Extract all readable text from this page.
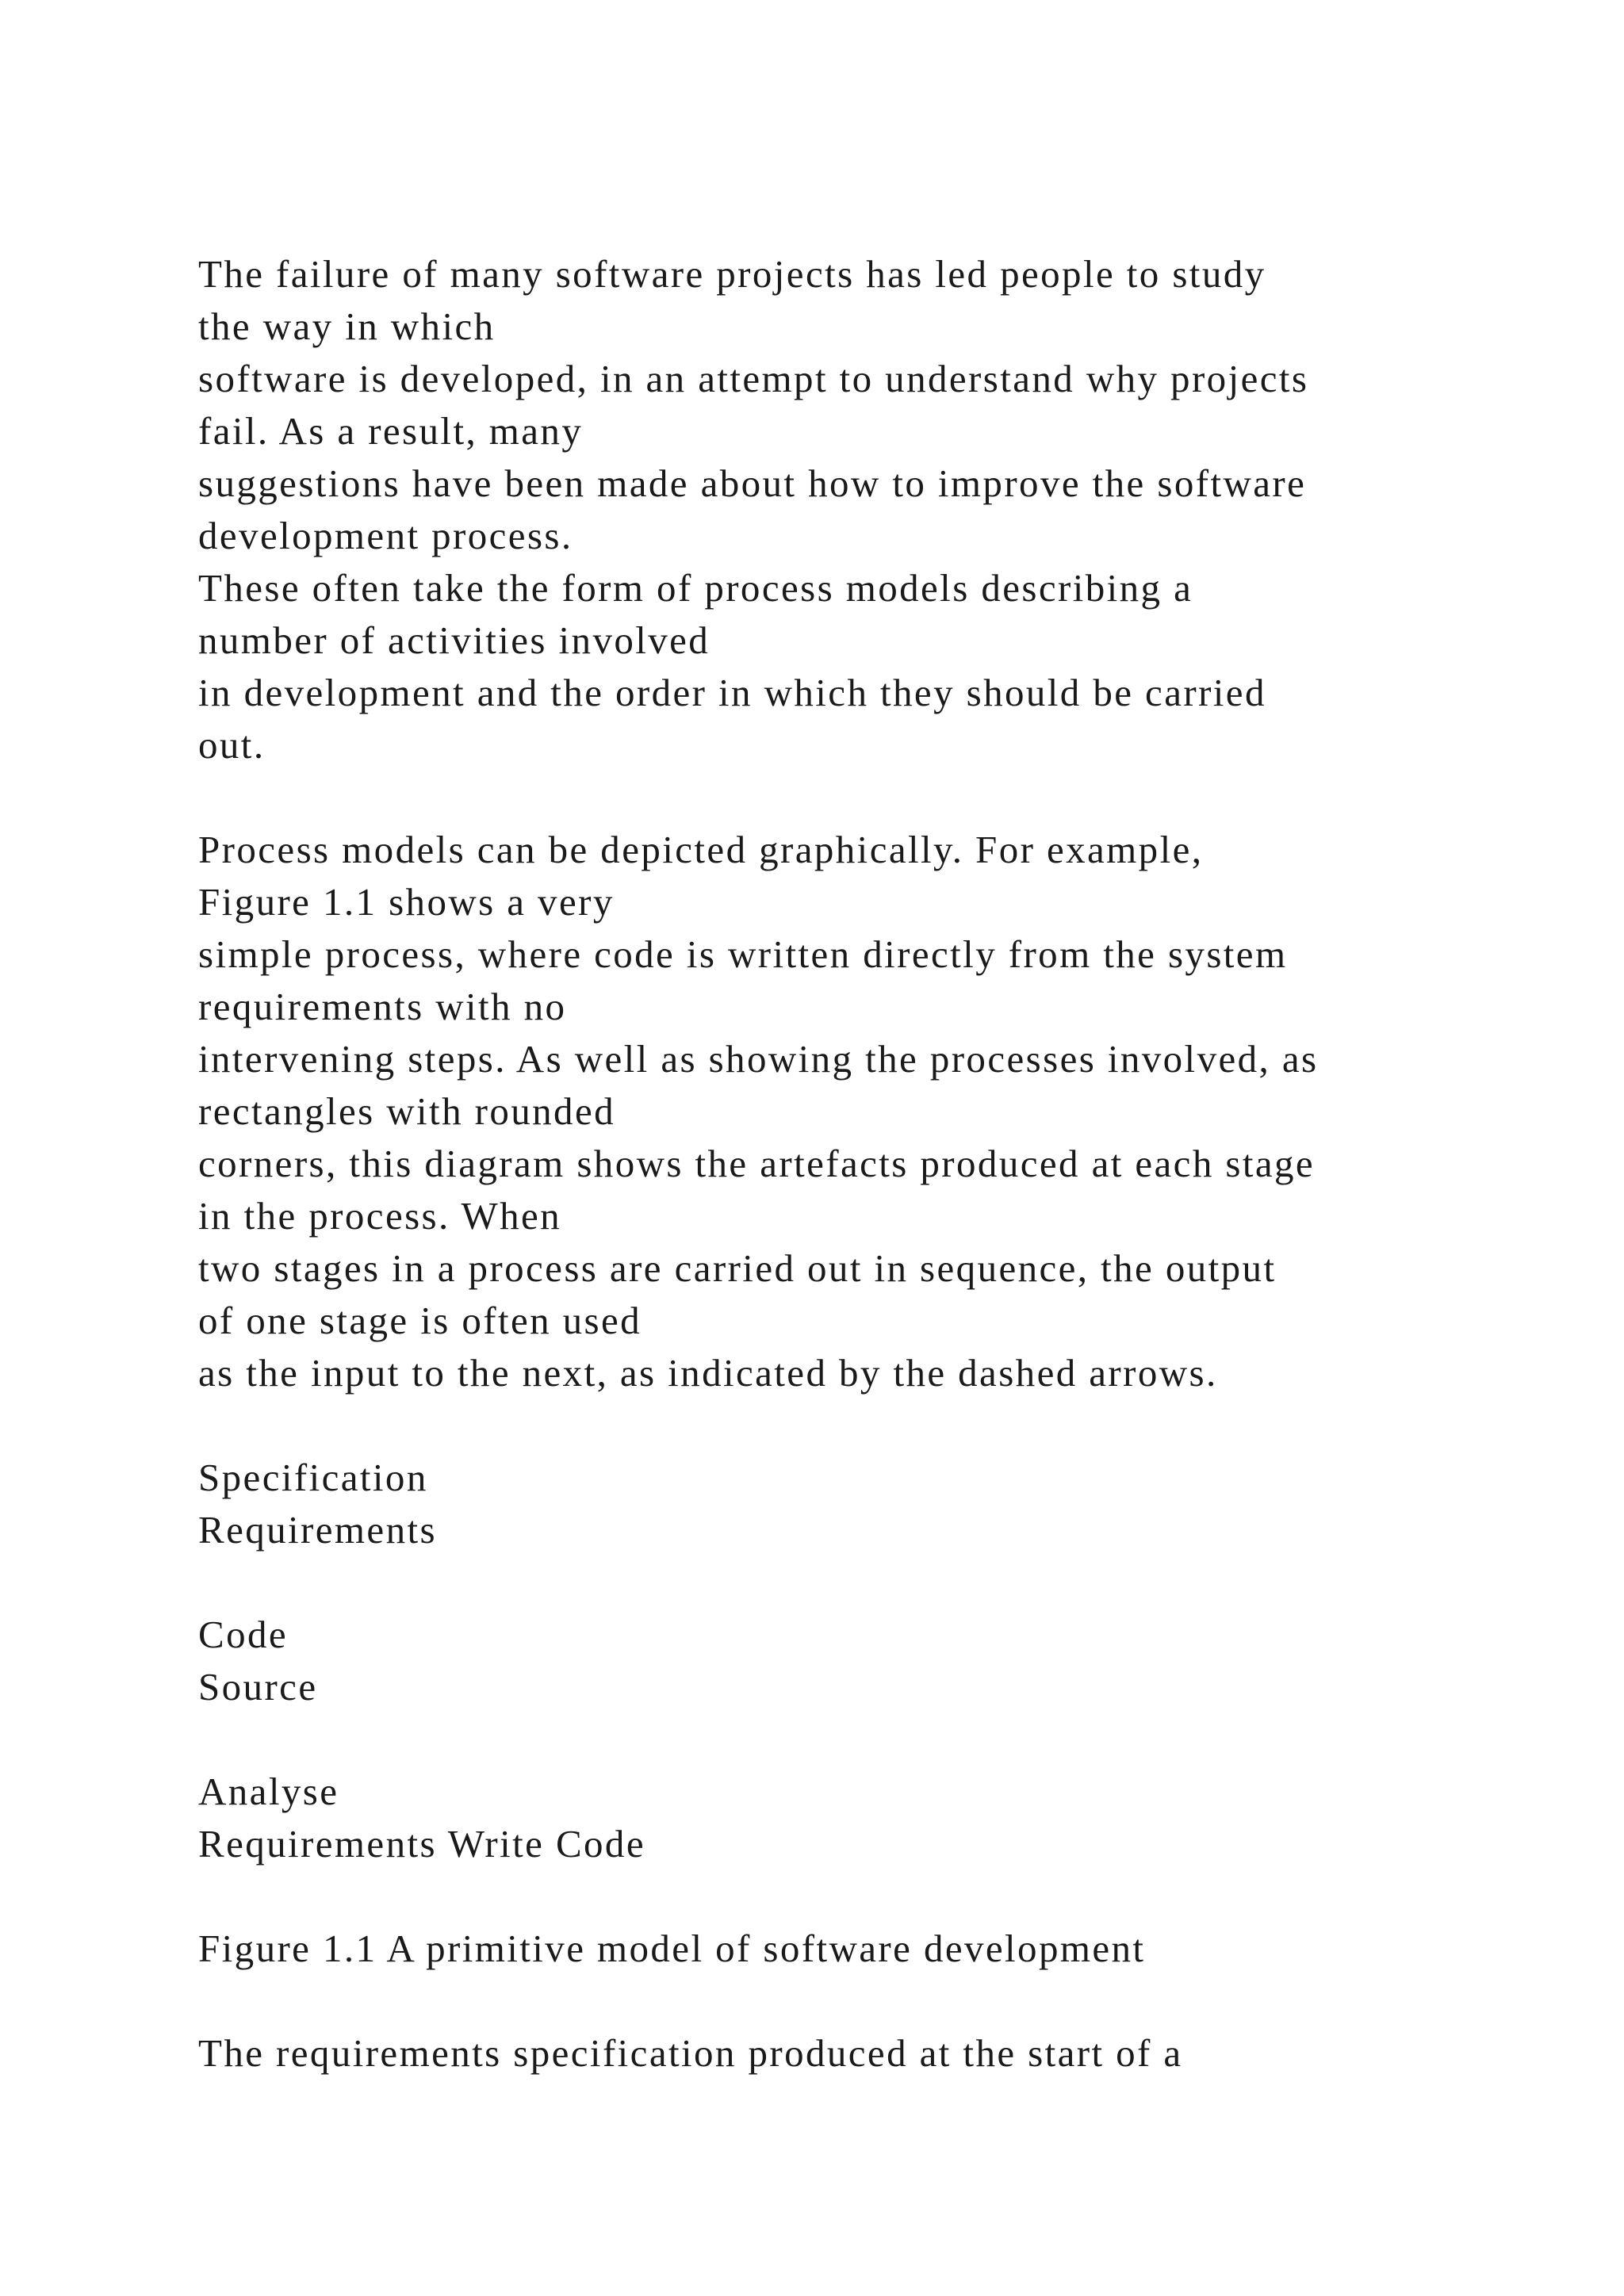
The failure of many software projects has led people to study
the way in which
software is developed, in an attempt to understand why projects
fail. As a result, many
suggestions have been made about how to improve the software
development process.
These often take the form of process models describing a
number of activities involved
in development and the order in which they should be carried
out.
Process models can be depicted graphically. For example,
Figure 1.1 shows a very
simple process, where code is written directly from the system
requirements with no
intervening steps. As well as showing the processes involved, as
rectangles with rounded
corners, this diagram shows the artefacts produced at each stage
in the process. When
two stages in a process are carried out in sequence, the output
of one stage is often used
as the input to the next, as indicated by the dashed arrows.
Specification
Requirements
Code
Source
Analyse
Requirements Write Code
Figure 1.1 A primitive model of software development
The requirements specification produced at the start of a
